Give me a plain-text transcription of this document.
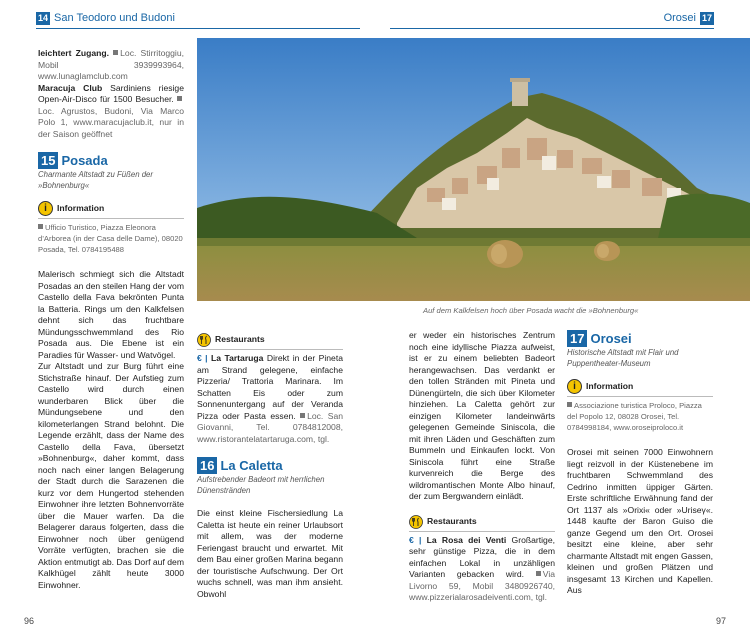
14 San Teodoro und Budoni	Orosei 17

leichtert Zugang. Loc. Stirritoggiu, Mobil 3939993964, www.lunaglamclub.com

Maracuja Club Sardiniens riesige Open-Air-Disco für 1500 Besucher. Loc. Agrustos, Budoni, Via Marco Polo 1, www.maracujaclub.it, nur in der Saison geöffnet

15 Posada

Charmante Altstadt zu Füßen der »Bohnenburg«

i	Information

Ufficio Turistico, Piazza Eleonora d’Arborea (in der Casa delle Dame), 08020 Posada, Tel. 0784195488

Malerisch schmiegt sich die Altstadt Posadas an den steilen Hang der vom Castello della Fava bekrönten Punta la Batteria. Rings um den Kalkfelsen dehnt sich das fruchtbare Mündungsschwemmland des Rio Posada aus. Die Ebene ist ein Paradies für Wasser- und Watvögel.

Zur Altstadt und zur Burg führt eine Stichstraße hinauf. Der Aufstieg zum Castello wird durch einen wunderbaren Blick über die Mündungsebene und den kilometerlangen Strand belohnt. Die Legende erzählt, dass der Name des Castello della Fava, übersetzt »Bohnenburg«, daher kommt, dass noch nach einer langen Belagerung der Stadt durch die Sarazenen die kurz vor dem Hungertod stehenden Einwohner ihre letzten Bohnenvorräte über die Mauer warfen. Da die Belagerer daraus folgerten, dass die Einwohner noch über genügend Vorräte verfügten, brachen sie die Aktion entmutigt ab. Das Dorf auf dem Kalkhügel zählt heute 3000 Einwohner.

Auf dem Kalkfelsen hoch über Posada wacht die »Bohnenburg«
Restaurants

€ | La Tartaruga Direkt in der Pineta am Strand gelegene, einfache Pizzeria/ Trattoria Marinara. Im Schatten Eis oder zum Sonnenuntergang auf der Veranda Pizza oder Pasta essen. Loc. San Giovanni, Tel. 0784812008, www.ristorantelatartaruga.com, tgl.

16 La Caletta

Aufstrebender Badeort mit herrlichen Dünenstränden

Die einst kleine Fischersiedlung La Caletta ist heute ein reiner Urlaubsort mit allem, was der moderne Feriengast braucht und erwartet. Mit dem Bau einer großen Marina begann der touristische Aufschwung. Der Ort wuchs schnell, was man ihm ansieht. Obwohl

er weder ein historisches Zentrum noch eine idyllische Piazza aufweist, ist er zu einem beliebten Badeort herangewachsen. Das verdankt er den tollen Stränden mit Pineta und Dünengürteln, die sich über Kilometer hinziehen. La Caletta gehört zur einzigen Kilometer landeinwärts gelegenen Gemeinde Siniscola, die mit ihren Läden und Geschäften zum Bummeln und Einkaufen lockt. Von Siniscola führt eine Straße kurvenreich die Berge des wildromantischen Monte Albo hinauf, der zum Bergwandern einlädt.

Restaurants

€ | La Rosa dei Venti Großartige, sehr günstige Pizza, die in dem einfachen Lokal in unzähligen Varianten gebacken wird. Via Livorno 59, Mobil 3480926740, www.pizzerialarosadeiventi.com, tgl.

17 Orosei

Historische Altstadt mit Flair und Puppentheater-Museum

i	Information

Associazione turistica Proloco, Piazza del Popolo 12, 08028 Orosei, Tel. 0784998184, www.oroseiproloco.it

Orosei mit seinen 7000 Einwohnern liegt reizvoll in der Küstenebene im fruchtbaren Schwemmland des Cedrino inmitten üppiger Gärten. Erste schriftliche Erwähnung fand der Ort 1137 als »Orixi« oder »Uriseγ«. 1448 kaufte der Baron Guiso die ganze Gegend um den Ort. Orosei besitzt eine kleine, aber sehr charmante Altstadt mit engen Gassen, kleinen und großen Plätzen und insgesamt 13 Kirchen und Kapellen. Aus

96	97
